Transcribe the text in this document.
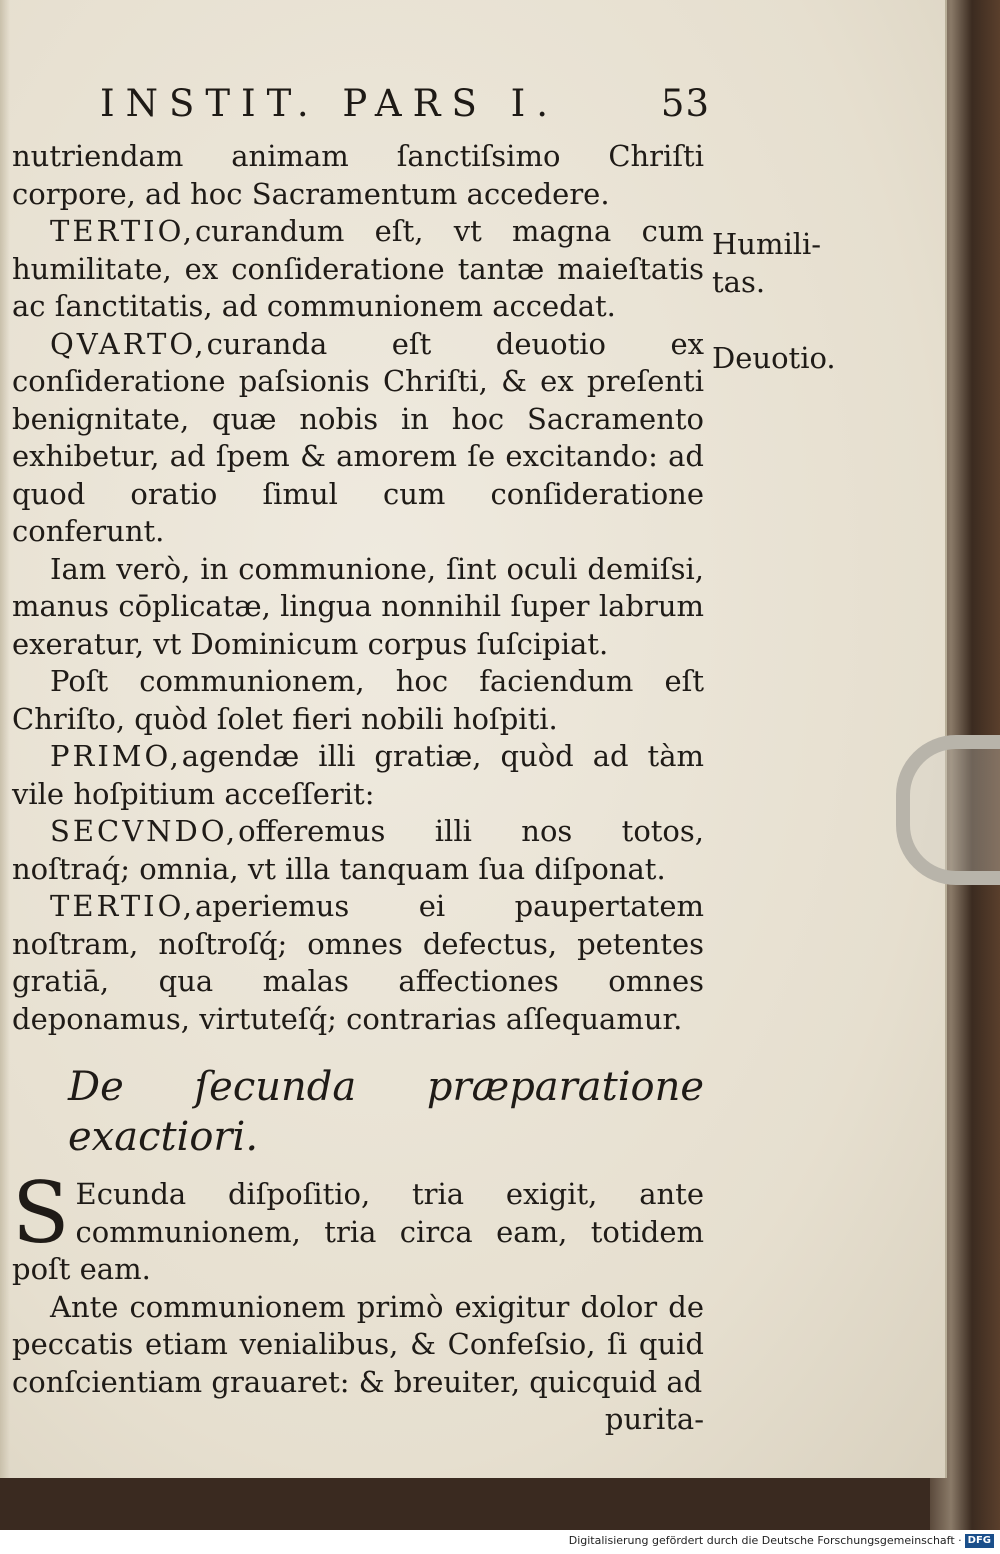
INSTIT. PARS I.	53

nutriendam animam ſanctiſsimo Chriſti corpore, ad hoc Sacramentum accedere.

TERTIO,curandum eſt, vt magna cum humilitate, ex conſideratione tantæ maieſtatis ac ſanctitatis, ad communionem accedat.

QVARTO,curanda eſt deuotio ex conſideratione paſsionis Chriſti, & ex preſenti benignitate, quæ nobis in hoc Sacramento exhibetur, ad ſpem & amorem ſe excitando: ad quod oratio ſimul cum conſideratione conferunt.

Iam verò, in communione, ſint oculi demiſsi, manus cōplicatæ, lingua nonnihil ſuper labrum exeratur, vt Dominicum corpus ſuſcipiat.

Poſt communionem, hoc faciendum eſt Chriſto, quòd ſolet fieri nobili hoſpiti.

PRIMO,agendæ illi gratiæ, quòd ad tàm vile hoſpitium acceſſerit:

SECVNDO,offeremus illi nos totos, noſtraq́; omnia, vt illa tanquam ſua diſponat.

TERTIO,aperiemus ei paupertatem noſtram, noſtroſq́; omnes defectus, petentes gratiā, qua malas affectiones omnes deponamus, virtuteſq́; contrarias aſſequamur.

De ſecunda præparatione exactiori.

S Ecunda diſpoſitio, tria exigit, ante communionem, tria circa eam, totidem poſt eam.

Ante communionem primò exigitur dolor de peccatis etiam venialibus, & Confeſsio, ſi quid conſcientiam grauaret: & breuiter, quicquid ad

purita-

Humili-
tas.
Deuotio.
Digitalisierung gefördert durch die Deutsche Forschungsgemeinschaft · DFG
